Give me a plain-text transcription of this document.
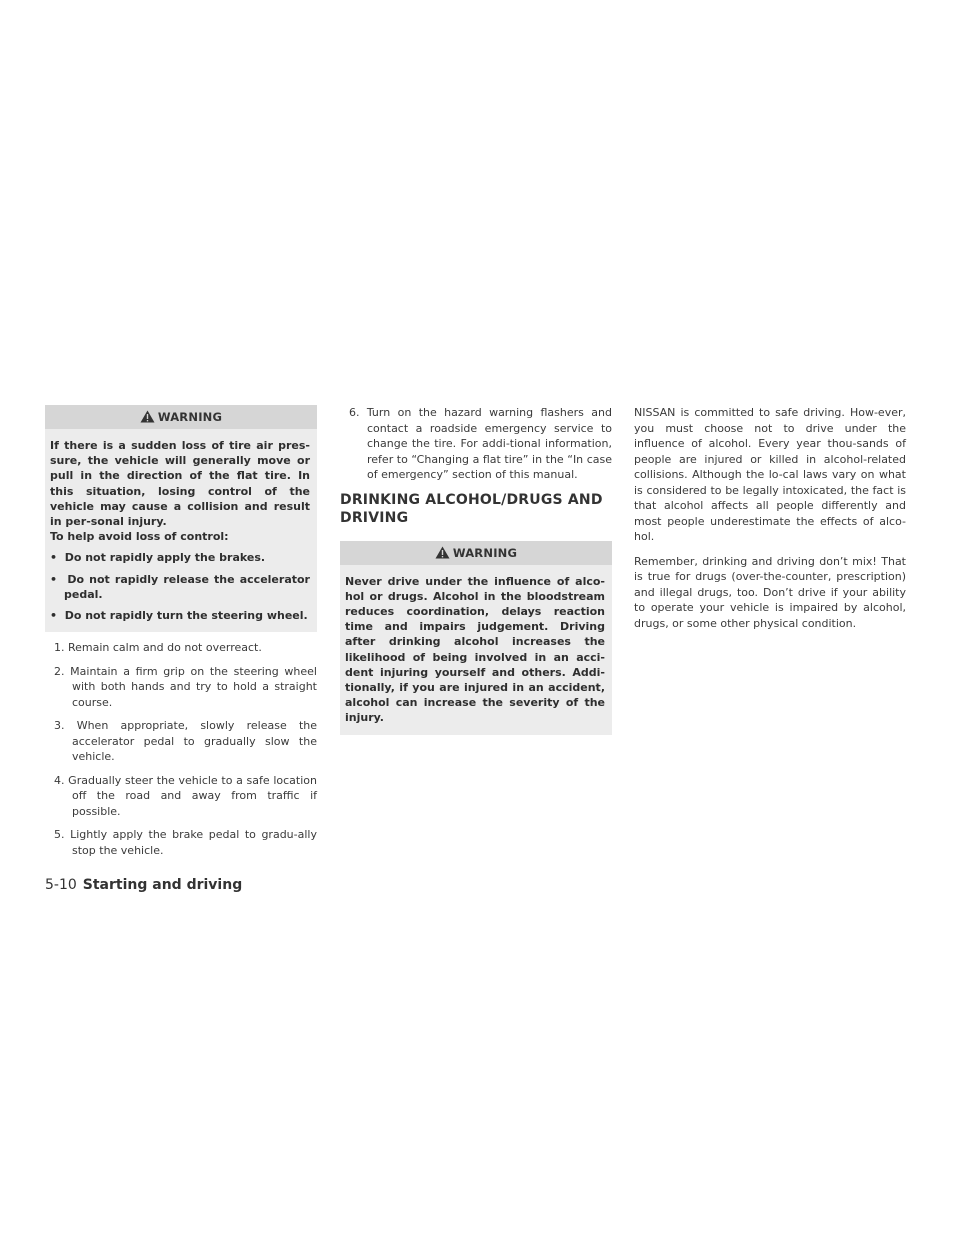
WARNING

If there is a sudden loss of tire air pres-sure, the vehicle will generally move or pull in the direction of the flat tire. In this situation, losing control of the vehicle may cause a collision and result in per-sonal injury.

To help avoid loss of control:

•  Do not rapidly apply the brakes.

•  Do not rapidly release the accelerator pedal.

•  Do not rapidly turn the steering wheel.

1. Remain calm and do not overreact.

2. Maintain a firm grip on the steering wheel with both hands and try to hold a straight course.

3. When appropriate, slowly release the accelerator pedal to gradually slow the vehicle.

4. Gradually steer the vehicle to a safe location off the road and away from traffic if possible.

5. Lightly apply the brake pedal to gradu-ally stop the vehicle.

6. Turn on the hazard warning flashers and contact a roadside emergency service to change the tire. For addi-tional information, refer to “Changing a flat tire” in the “In case of emergency” section of this manual.

DRINKING ALCOHOL/DRUGS AND DRIVING
WARNING

Never drive under the influence of alco-hol or drugs. Alcohol in the bloodstream reduces coordination, delays reaction time and impairs judgement. Driving after drinking alcohol increases the likelihood of being involved in an acci-dent injuring yourself and others. Addi-tionally, if you are injured in an accident, alcohol can increase the severity of the injury.

NISSAN is committed to safe driving. How-ever, you must choose not to drive under the influence of alcohol. Every year thou-sands of people are injured or killed in alcohol-related collisions. Although the lo-cal laws vary on what is considered to be legally intoxicated, the fact is that alcohol affects all people differently and most people underestimate the effects of alco-hol.

Remember, drinking and driving don’t mix! That is true for drugs (over-the-counter, prescription) and illegal drugs, too. Don’t drive if your ability to operate your vehicle is impaired by alcohol, drugs, or some other physical condition.

5-10 Starting and driving
